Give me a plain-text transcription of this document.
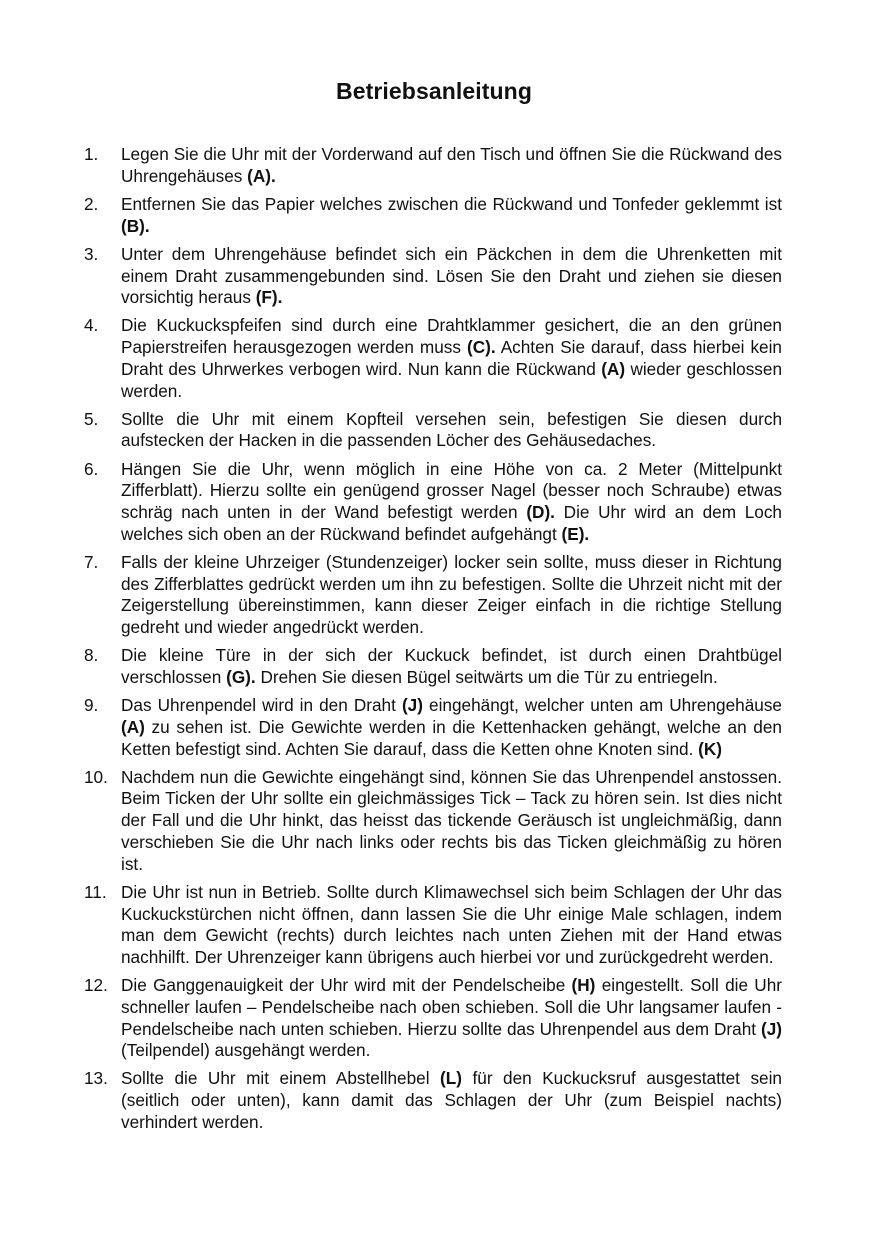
Betriebsanleitung
1.	Legen Sie die Uhr mit der Vorderwand auf den Tisch und öffnen Sie die Rückwand des Uhrengehäuses (A).
2.	Entfernen Sie das Papier welches zwischen die Rückwand und Tonfeder geklemmt ist (B).
3.	Unter dem Uhrengehäuse befindet sich ein Päckchen in dem die Uhrenketten mit einem Draht zusammengebunden sind. Lösen Sie den Draht und ziehen sie diesen vorsichtig heraus (F).
4.	Die Kuckuckspfeifen sind durch eine Drahtklammer gesichert, die an den grünen Papierstreifen herausgezogen werden muss (C). Achten Sie darauf, dass hierbei kein Draht des Uhrwerkes verbogen wird. Nun kann die Rückwand (A) wieder geschlossen werden.
5.	Sollte die Uhr mit einem Kopfteil versehen sein, befestigen Sie diesen durch aufstecken der Hacken in die passenden Löcher des Gehäusedaches.
6.	Hängen Sie die Uhr, wenn möglich in eine Höhe von ca. 2 Meter (Mittelpunkt Zifferblatt). Hierzu sollte ein genügend grosser Nagel (besser noch Schraube) etwas schräg nach unten in der Wand befestigt werden (D). Die Uhr wird an dem Loch welches sich oben an der Rückwand befindet aufgehängt (E).
7.	Falls der kleine Uhrzeiger (Stundenzeiger) locker sein sollte, muss dieser in Richtung des Zifferblattes gedrückt werden um ihn zu befestigen. Sollte die Uhrzeit nicht mit der Zeigerstellung übereinstimmen, kann dieser Zeiger einfach in die richtige Stellung gedreht und wieder angedrückt werden.
8.	Die kleine Türe in der sich der Kuckuck befindet, ist durch einen Drahtbügel verschlossen (G). Drehen Sie diesen Bügel seitwärts um die Tür zu entriegeln.
9.	Das Uhrenpendel wird in den Draht (J) eingehängt, welcher unten am Uhrengehäuse (A) zu sehen ist. Die Gewichte werden in die Kettenhacken gehängt, welche an den Ketten befestigt sind. Achten Sie darauf, dass die Ketten ohne Knoten sind. (K)
10. Nachdem nun die Gewichte eingehängt sind, können Sie das Uhrenpendel anstossen. Beim Ticken der Uhr sollte ein gleichmässiges Tick – Tack zu hören sein. Ist dies nicht der Fall und die Uhr hinkt, das heisst das tickende Geräusch ist ungleichmäßig, dann verschieben Sie die Uhr nach links oder rechts bis das Ticken gleichmäßig zu hören ist.
11. Die Uhr ist nun in Betrieb. Sollte durch Klimawechsel sich beim Schlagen der Uhr das Kuckuckstürchen nicht öffnen, dann lassen Sie die Uhr einige Male schlagen, indem man dem Gewicht (rechts) durch leichtes nach unten Ziehen mit der Hand etwas nachhilft. Der Uhrenzeiger kann übrigens auch hierbei vor und zurückgedreht werden.
12. Die Ganggenauigkeit der Uhr wird mit der Pendelscheibe (H) eingestellt. Soll die Uhr schneller laufen – Pendelscheibe nach oben schieben. Soll die Uhr langsamer laufen - Pendelscheibe nach unten schieben. Hierzu sollte das Uhrenpendel aus dem Draht (J) (Teilpendel) ausgehängt werden.
13. Sollte die Uhr mit einem Abstellhebel (L) für den Kuckucksruf ausgestattet sein (seitlich oder unten), kann damit das Schlagen der Uhr (zum Beispiel nachts) verhindert werden.
